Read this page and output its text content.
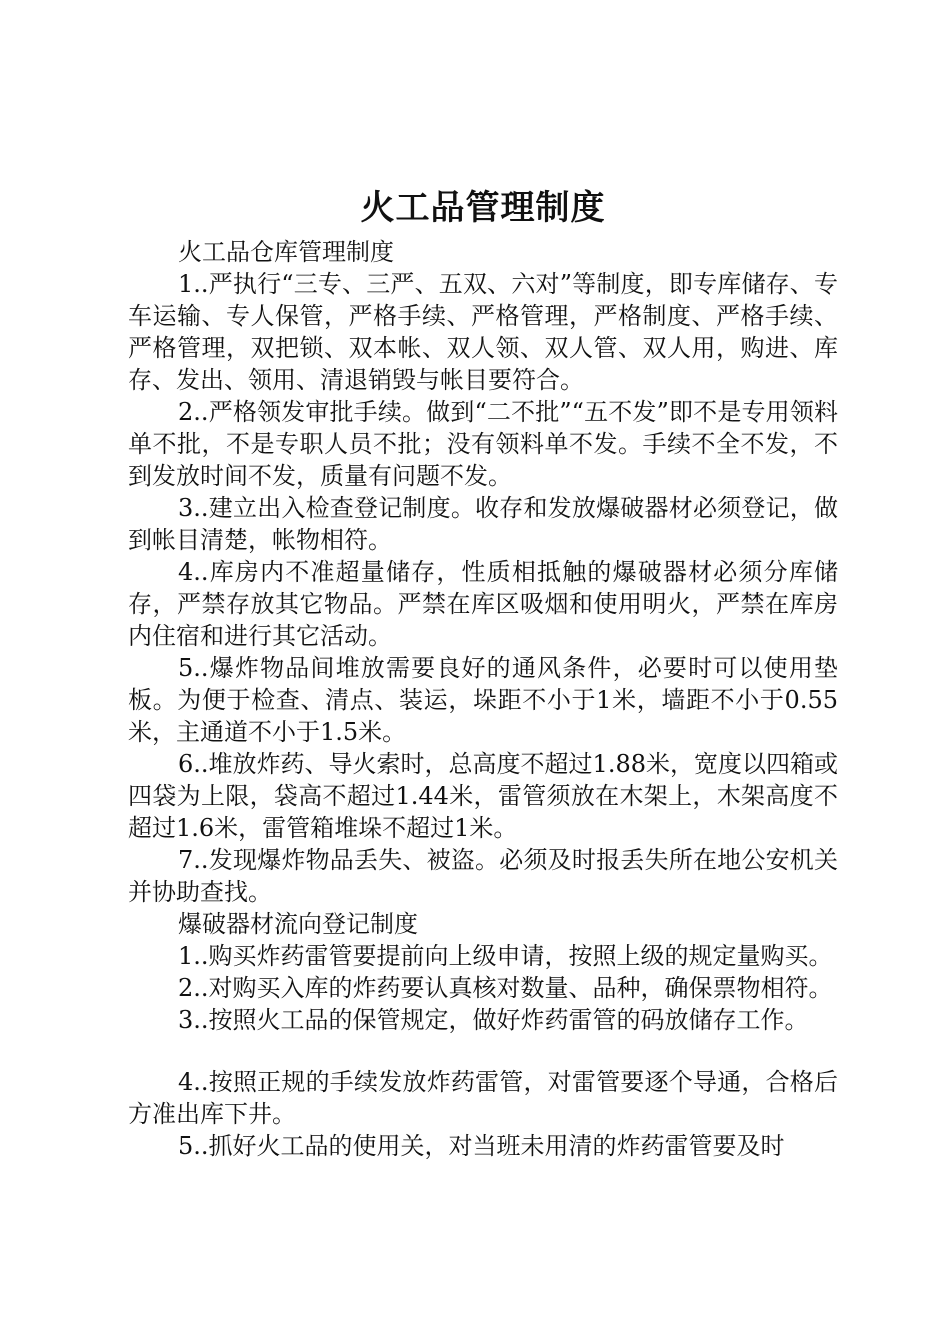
火工品管理制度

火工品仓库管理制度

1..严执行“三专、三严、五双、六对”等制度，即专库储存、专车运输、专人保管，严格手续、严格管理，严格制度、严格手续、严格管理，双把锁、双本帐、双人领、双人管、双人用，购进、库存、发出、领用、清退销毁与帐目要符合。

2..严格领发审批手续。做到“二不批”“五不发”即不是专用领料单不批，不是专职人员不批；没有领料单不发。手续不全不发，不到发放时间不发，质量有问题不发。

3..建立出入检查登记制度。收存和发放爆破器材必须登记，做到帐目清楚，帐物相符。

4..库房内不准超量储存，性质相抵触的爆破器材必须分库储存，严禁存放其它物品。严禁在库区吸烟和使用明火，严禁在库房内住宿和进行其它活动。

5..爆炸物品间堆放需要良好的通风条件，必要时可以使用垫板。为便于检查、清点、装运，垛距不小于1米，墙距不小于0.55米，主通道不小于1.5米。

6..堆放炸药、导火索时，总高度不超过1.88米，宽度以四箱或四袋为上限，袋高不超过1.44米，雷管须放在木架上，木架高度不超过1.6米，雷管箱堆垛不超过1米。

7..发现爆炸物品丢失、被盗。必须及时报丢失所在地公安机关并协助查找。

爆破器材流向登记制度

1..购买炸药雷管要提前向上级申请，按照上级的规定量购买。

2..对购买入库的炸药要认真核对数量、品种，确保票物相符。

3..按照火工品的保管规定，做好炸药雷管的码放储存工作。

4..按照正规的手续发放炸药雷管，对雷管要逐个导通，合格后方准出库下井。

5..抓好火工品的使用关，对当班未用清的炸药雷管要及时
